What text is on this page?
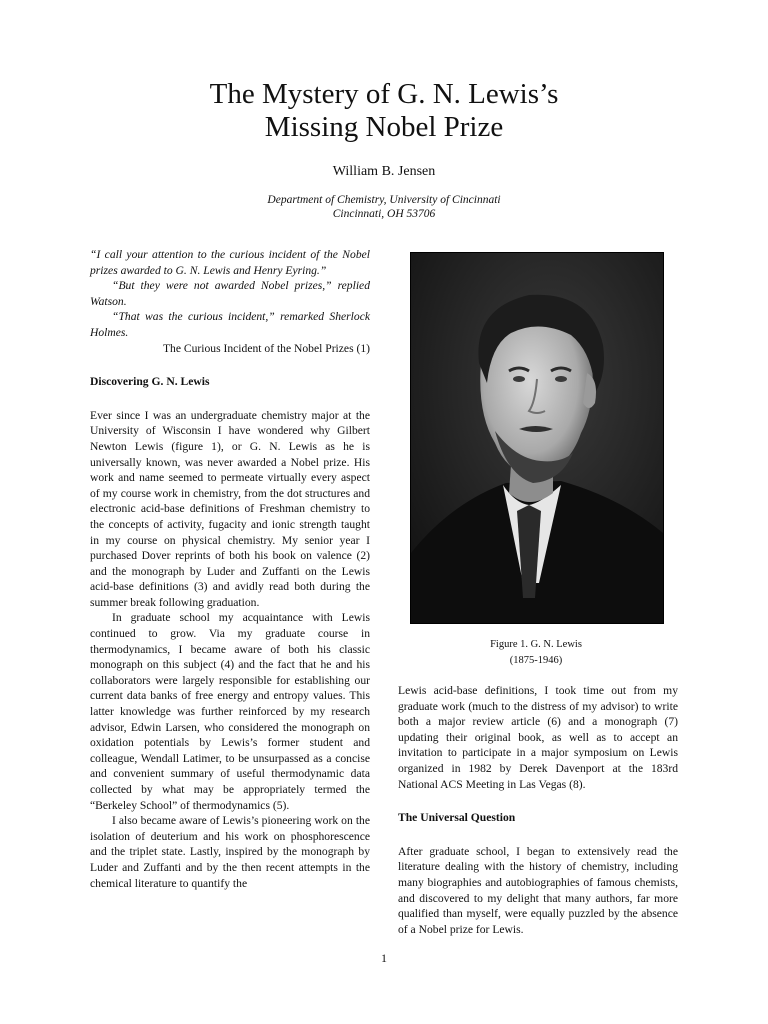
The Mystery of G. N. Lewis’s
Missing Nobel Prize
William B. Jensen
Department of Chemistry, University of Cincinnati
Cincinnati, OH 53706

“I call your attention to the curious incident of the Nobel prizes awarded to G. N. Lewis and Henry Eyring.”

“But they were not awarded Nobel prizes,” replied Watson.

“That was the curious incident,” remarked Sherlock Holmes.

The Curious Incident of the Nobel Prizes (1)

Discovering G. N. Lewis

Ever since I was an undergraduate chemistry major at the University of Wisconsin I have wondered why Gilbert Newton Lewis (figure 1), or G. N. Lewis as he is universally known, was never awarded a Nobel prize. His work and name seemed to permeate virtually every aspect of my course work in chemistry, from the dot structures and electronic acid-base definitions of Freshman chemistry to the concepts of activity, fugacity and ionic strength taught in my course on physical chemistry. My senior year I purchased Dover reprints of both his book on valence (2) and the monograph by Luder and Zuffanti on the Lewis acid-base definitions (3) and avidly read both during the summer break following graduation.

In graduate school my acquaintance with Lewis continued to grow. Via my graduate course in thermodynamics, I became aware of both his classic monograph on this subject (4) and the fact that he and his collaborators were largely responsible for establishing our current data banks of free energy and entropy values. This latter knowledge was further reinforced by my research advisor, Edwin Larsen, who considered the monograph on oxidation potentials by Lewis’s former student and colleague, Wendall Latimer, to be unsurpassed as a concise and convenient summary of useful thermodynamic data collected by what may be appropriately termed the “Berkeley School” of thermodynamics (5).

I also became aware of Lewis’s pioneering work on the isolation of deuterium and his work on phosphorescence and the triplet state. Lastly, inspired by the monograph by Luder and Zuffanti and by the then recent attempts in the chemical literature to quantify the

Figure 1. G. N. Lewis
(1875-1946)

Lewis acid-base definitions, I took time out from my graduate work (much to the distress of my advisor) to write both a major review article (6) and a monograph (7) updating their original book, as well as to accept an invitation to participate in a major symposium on Lewis organized in 1982 by Derek Davenport at the 183rd National ACS Meeting in Las Vegas (8).

The Universal Question

After graduate school, I began to extensively read the literature dealing with the history of chemistry, including many biographies and autobiographies of famous chemists, and discovered to my delight that many authors, far more qualified than myself, were equally puzzled by the absence of a Nobel prize for Lewis.

1
